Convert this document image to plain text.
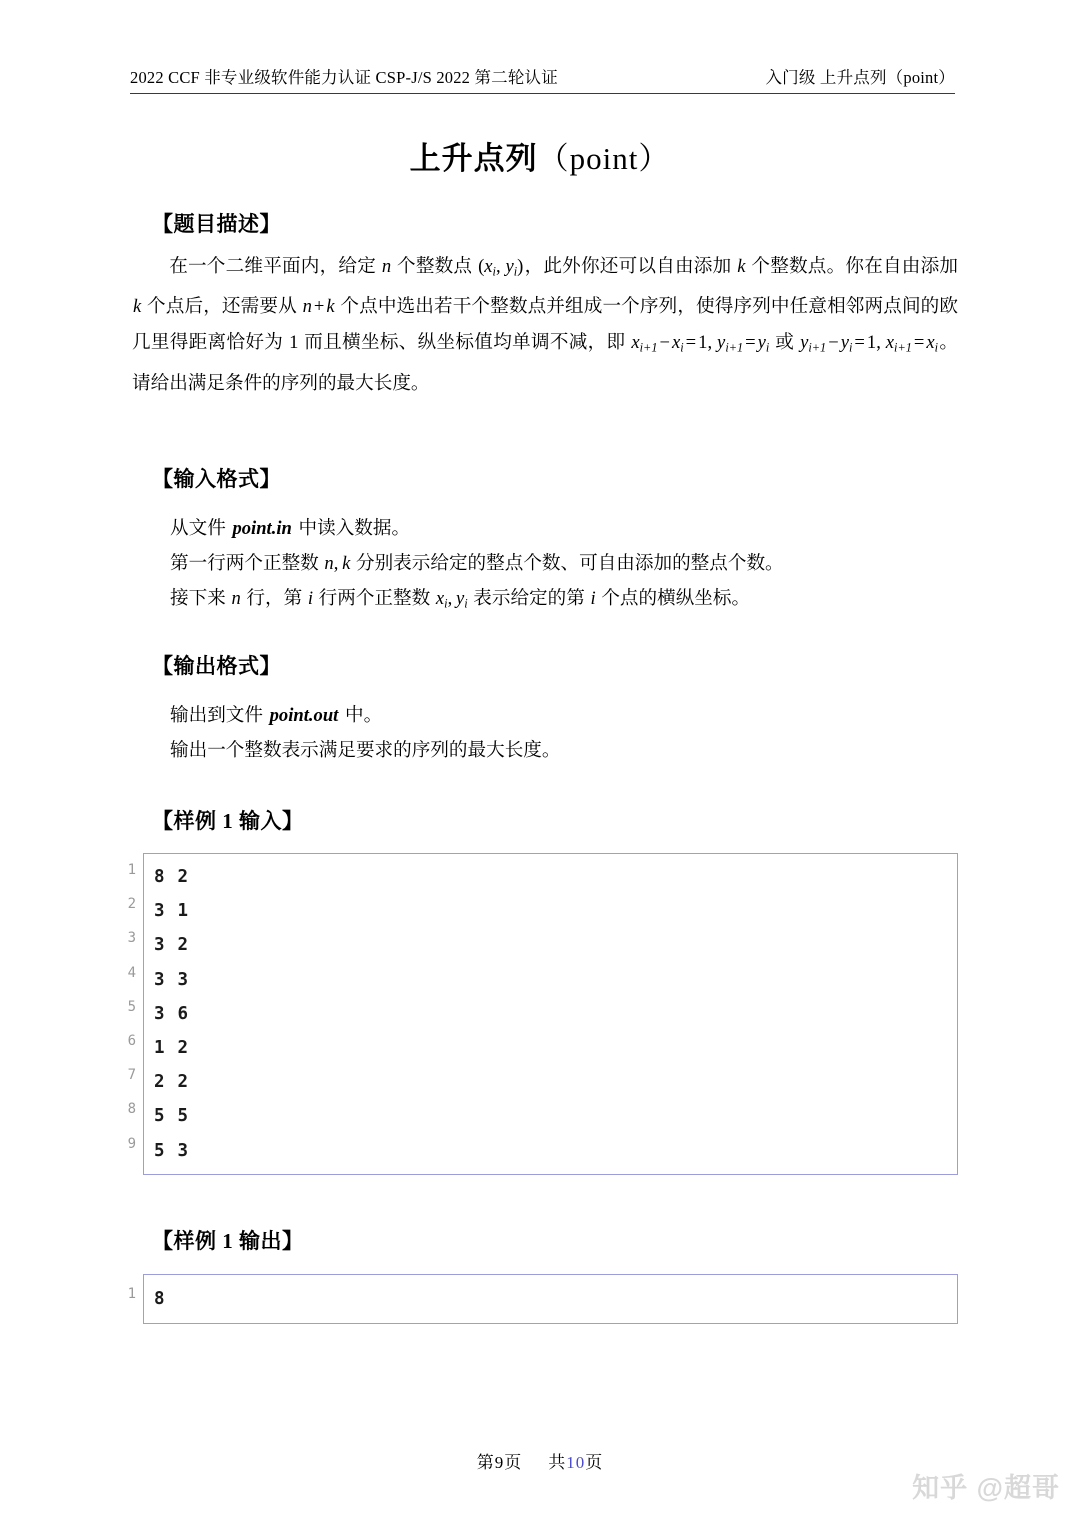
2022 CCF 非专业级软件能力认证 CSP-J/S 2022 第二轮认证	入门级 上升点列（point）
上升点列（point）
【题目描述】

在一个二维平面内，给定 n 个整数点 ($x_i$, $y_i$)，此外你还可以自由添加 k 个整数点。你在自由添加 k 个点后，还需要从 n + k 个点中选出若干个整数点并组成一个序列，使得序列中任意相邻两点间的欧几里得距离恰好为 1 而且横坐标、纵坐标值均单调不减，即 $x_{i+1} - x_i = 1$, $y_{i+1} = y_i$ 或 $y_{i+1} - y_i = 1$, $x_{i+1} = x_i$。请给出满足条件的序列的最大长度。

【输入格式】

从文件 point.in 中读入数据。

第一行两个正整数 n, k 分别表示给定的整点个数、可自由添加的整点个数。

接下来 n 行，第 i 行两个正整数 $x_i$, $y_i$ 表示给定的第 i 个点的横纵坐标。

【输出格式】

输出到文件 point.out 中。

输出一个整数表示满足要求的序列的最大长度。

【样例 1 输入】
1
2
3
4
5
6
7
8
9
8 2
3 1
3 2
3 3
3 6
1 2
2 2
5 5
5 3
【样例 1 输出】
1 8
第9页 共10页
知乎 @超哥
